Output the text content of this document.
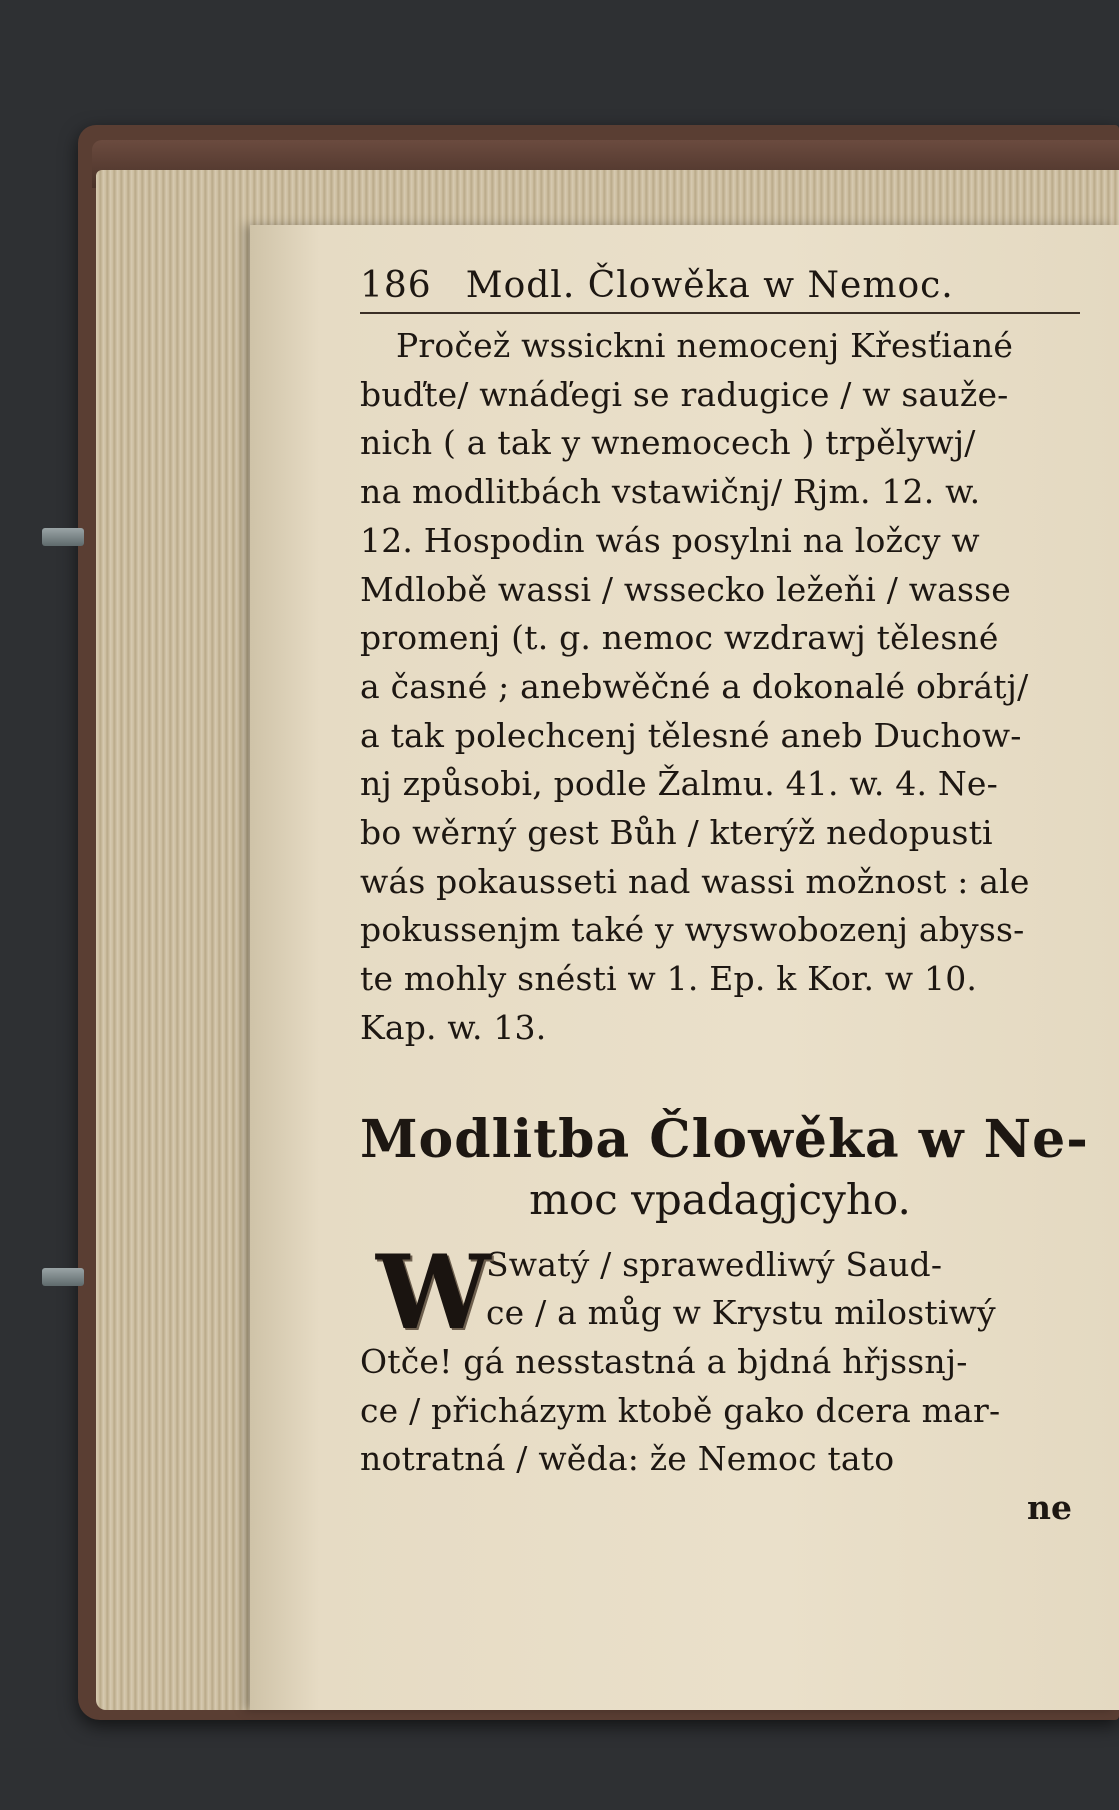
186 Modl. Člowěka w Nemoc.
Pročež wssickni nemocenj Křesťiané
buďte/ wnáďegi se radugice / w sauže-
nich ( a tak y wnemocech ) trpělywj/
na modlitbách vstawičnj/ Rjm. 12. w.
12. Hospodin wás posylni na ložcy w
Mdlobě wassi / wssecko ležeňi / wasse
promenj (t. g. nemoc wzdrawj tělesné
a časné ; anebwěčné a dokonalé obrátj/
a tak polechcenj tělesné aneb Duchow-
nj způsobi, podle Žalmu. 41. w. 4. Ne-
bo wěrný gest Bůh / kterýž nedopusti
wás pokausseti nad wassi možnost : ale
pokussenjm také y wyswobozenj abyss-
te mohly snésti w 1. Ep. k Kor. w 10.
Kap. w. 13.
Modlitba Člowěka w Ne-
moc vpadagjcyho.
W
Swatý / sprawedliwý Saud-
ce / a můg w Krystu milostiwý
Otče! gá nesstastná a bjdná hřjssnj-
ce / přicházym ktobě gako dcera mar-
notratná / wěda: že Nemoc tato
ne
